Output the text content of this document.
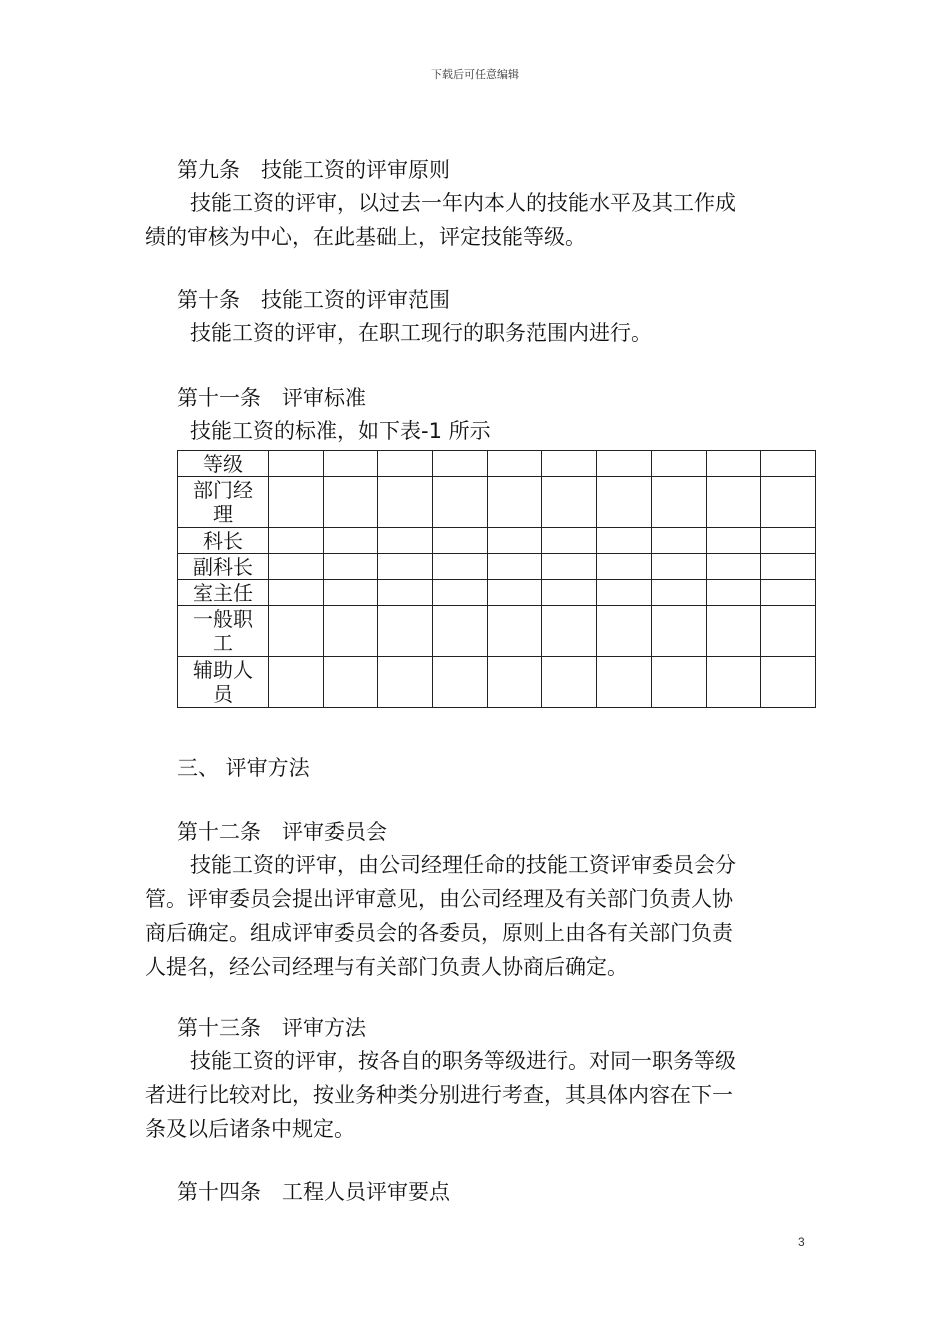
下载后可任意编辑
第九条　技能工资的评审原则
技能工资的评审，以过去一年内本人的技能水平及其工作成
绩的审核为中心，在此基础上，评定技能等级。
第十条　技能工资的评审范围
技能工资的评审，在职工现行的职务范围内进行。
第十一条　评审标准
技能工资的标准，如下表-1 所示
等级										

部门经
理										

科长										

副科长										

室主任										

一般职
工										

辅助人
员										

三、 评审方法
第十二条　评审委员会
技能工资的评审，由公司经理任命的技能工资评审委员会分
管。评审委员会提出评审意见，由公司经理及有关部门负责人协
商后确定。组成评审委员会的各委员，原则上由各有关部门负责
人提名，经公司经理与有关部门负责人协商后确定。
第十三条　评审方法
技能工资的评审，按各自的职务等级进行。对同一职务等级
者进行比较对比，按业务种类分别进行考查，其具体内容在下一
条及以后诸条中规定。
第十四条　工程人员评审要点
3
